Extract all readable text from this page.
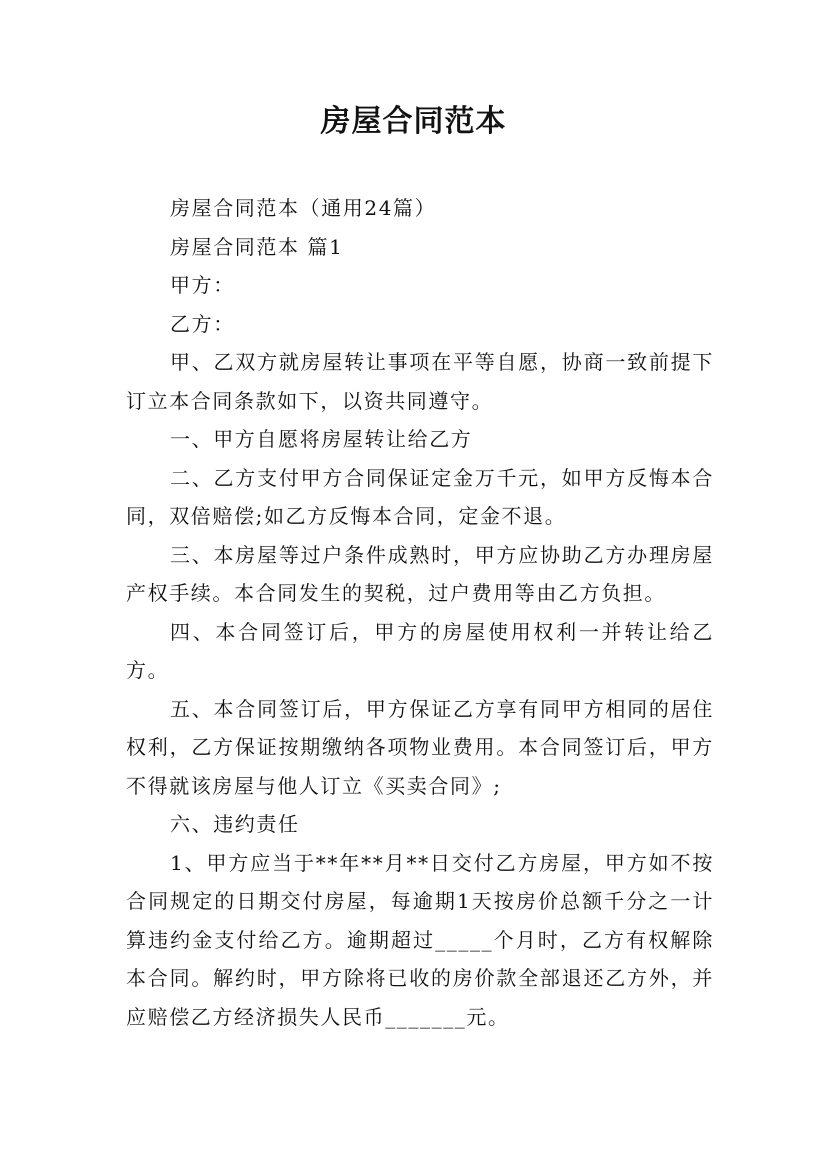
房屋合同范本

房屋合同范本（通用24篇）

房屋合同范本 篇1

甲方：

乙方：

甲、乙双方就房屋转让事项在平等自愿，协商一致前提下订立本合同条款如下，以资共同遵守。

一、甲方自愿将房屋转让给乙方

二、乙方支付甲方合同保证定金万千元，如甲方反悔本合同，双倍赔偿;如乙方反悔本合同，定金不退。

三、本房屋等过户条件成熟时，甲方应协助乙方办理房屋产权手续。本合同发生的契税，过户费用等由乙方负担。

四、本合同签订后，甲方的房屋使用权利一并转让给乙方。

五、本合同签订后，甲方保证乙方享有同甲方相同的居住权利，乙方保证按期缴纳各项物业费用。本合同签订后，甲方不得就该房屋与他人订立《买卖合同》;

六、违约责任

1、甲方应当于**年**月**日交付乙方房屋，甲方如不按合同规定的日期交付房屋，每逾期1天按房价总额千分之一计算违约金支付给乙方。逾期超过_____个月时，乙方有权解除本合同。解约时，甲方除将已收的房价款全部退还乙方外，并应赔偿乙方经济损失人民币_______元。
